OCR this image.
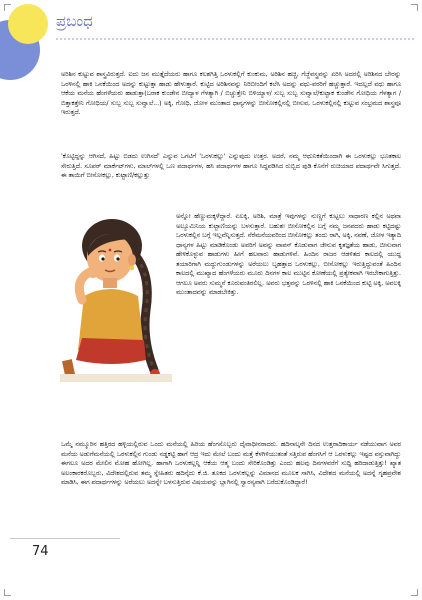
ಪ್ರಬಂಧ

ಅರಿಶಿನ ಕುಟ್ಟುವ ಶಾಸ್ತ್ರವಿರುತ್ತದೆ. ಐದು ಜನ ಮುತ್ತೈದೆಯರು ಹಾಗೂ ಕಲಶಗಿತ್ತಿ ಒರಳುಕಲ್ಲಿಗೆ ಕುಂಕುಮ, ಅರಿಶಿನ ಹಚ್ಚಿ, ಗೆಜ್ಜೆವಸ್ತ್ರವನ್ನು ಏರಿಸಿ ಅದರಲ್ಲಿ ಅರಿಶಿನದ ಬೇರನ್ನು ಒರಳಿನಲ್ಲಿ ಹಾಕಿ ಒನಕೆಯಿಂದ ಅದನ್ನು ಕುಟ್ಟುತ್ತಾ ಹಾಡು ಹೇಳುತ್ತಾರೆ. ಕುಟ್ಟಿದ ಅರಿಶಿನವನ್ನು ನಿರಿಬೀಂದಿಗೆ ಕಲೆಸಿ ಅದನ್ನು ವಧು-ವರರಿಗೆ ಹಚ್ಚುತ್ತಾರೆ. ಇದಲ್ಲದೆ ವಧು ಹಾಗೂ ಆಕೆಯ ಮನೆಯ ಹೆಂಗಳೆಯರು ಹಾಡುತ್ತಾ(ಬರಾಕ ಕುಂಡೇನ ಬೀದ್ಯಾಳ ಗೆಳತ್ಯಾಗಿ / ಬಿಚ್ಚುತ್ತೇನಿ ಬಿಳಿಯ್ಯಾಳ/ ಸುಬ್ಬ ಸುಬ್ಬ ಸುವ್ವಾಲೆ/ಕುಟ್ಟಾಕ ಕುಂಡೇನ ಗೋಧಿಯ ಗೆಳತ್ಯಾಗ / ಬಿತ್ತಾಕತ್ತೇನಿ ಗೋಧಿಯ/ ಸುಬ್ಬ ಸುಬ್ಬ ಸುವ್ವಾಲೆ...) ಅಕ್ಕಿ, ಗೋಧಿ, ಜೋಳ ಮುಂತಾದ ಧಾನ್ಯಗಳನ್ನು ಬೀಸೋಕಲ್ಲಿನಲ್ಲಿ ಬೀಸುವ, ಒರಳುಕಲ್ಲಿನಲ್ಲಿ ಕುಟ್ಟುವ ಸಂಭ್ರಮದ ಶಾಸ್ತ್ರವೂ ಇರುತ್ತದೆ.

'ಕೊಟ್ಟಿದ್ದನ್ನು ಆಗಿಸದೆ, ಹಿಟ್ಟು ಬಿಡದು ಉಗಿಸದೆ' ಎನ್ನುವ ಒಗಟಿಗೆ 'ಒರಳುಕಲ್ಲು' ಎನ್ನುವುದು ಉತ್ತರ. ಅದರೆ, ನಮ್ಮ ಆಧುನಿಕತೆಯಿಂದಾಗಿ ಈ ಒರಳುಕಲ್ಲು ಭೂತಕಾಲ ಸೇರುತ್ತಿದೆ. ಸೂಪರ್ ಮಾರ್ಕೆಟ್‌ಗಳು, ಮಾಲ್‌ಗಳಲ್ಲಿ ಒಣ ಪದಾರ್ಥಗಳ, ಹಸಿ ಪದಾರ್ಥಗಳ ಹಾಗೂ ಸಿದ್ಧಪಡಿಸಿದ ರುಬ್ಬಿದ ಪುಡಿ ಕೊನೆಗೆ ರುಚಿಯಾದ ಪದಾರ್ಥವೇ ಸಿಗುತ್ತದೆ. ಈ ತಾಯಿಗೆ ಬೀಸೋಕಲ್ಲು, ಕುಟ್ಟಾಣಿ/ಕಲ್ಲುತ್ತು

ಅನ್ನೋ ಹೆಣ್ಣುಮಕ್ಕಳೆದ್ದಾರೆ. ಏಲಕ್ಕಿ, ಅರಿಶಿ, ಮಾತ್ರೆ ಇವುಗಳನ್ನು ನುಣ್ಣಗೆ ಕುಟ್ಟಲು ಸಾಧಾರಣ ಕಲ್ಲಿನ ಅಥವಾ ಅಲ್ಯೂಮಿನಿಯ ಕುಟ್ಟಾಣಿಯನ್ನು ಬಳಸುತ್ತಾರೆ. ಬಹುಶಃ ಬೀಸೋಕಲ್ಲಿನ ಬಗ್ಗೆ ನಮ್ಮ ಜನಪದರು ಹಾಡು ಕಟ್ಟಿದಷ್ಟು ಒರಳುಕಲ್ಲಿನ ಬಗ್ಗೆ ಇಲ್ಲವೆನ್ನಿಸುತ್ತದೆ. ನೆರೆಮನೆಯವರಿಂದ ಬೀಸೋಕಲ್ಲು ತಂದು ರಾಗಿ, ಅಕ್ಕಿ, ನವಣೆ, ಜೋಳ ಇತ್ಯಾದಿ ಧಾನ್ಯಗಳ ಹಿಟ್ಟು ಮಾಡಿಕೊಂಡು ಅವರಿಗೆ ಅವನ್ನು ವಾಪಸ್ ಕೊಡುವಾಗ ಜೇನುವ ಕೃತಜ್ಞತೆಯ ಹಾಡು, ಬೀಸುವಾಗ ಹೇಳಿಕೊಳ್ಳುವ ಹಾಡುಗಳು ಹೀಗೆ ಹಲವಾರು ಹಾಡುಗಳಿವೆ. ಹಿಂದಿನ ರಾಜರ ಆಡಳಿತದ ಕಾಲದಲ್ಲಿ ಯುದ್ಧ ತಯಾರಿಗಾಗಿ ಮದ್ದುಗುಂಡುಗಳನ್ನು ಅರೆಯಲು ಬೃಹತ್ತಾದ ಒರಳುಕಲ್ಲು, ಬೀಸೋಕಲ್ಲು ಇರುತ್ತಿದ್ದುವಂತೆ ಹಿಂದಿನ ಕಾಲದಲ್ಲಿ ಮುಖ್ಯಾದ ಹೆಂಗಳೆಯರು ಮೂರು ದಿನಗಳ ಕಾಲ ಮುಟ್ಟಿನ ಕೋಣೆಯಲ್ಲಿ ಪ್ರತ್ಯೇಕವಾಗಿ ಇರಬೇಕಾಗುತ್ತಿತ್ತು. ಆಗಲೂ ಅವರು ಸುಮ್ಮನೆ ಕೂರುವಂತಿರಲಿಲ್ಲ. ಅವರು ಭತ್ತವನ್ನು ಒರಳಿನಲ್ಲಿ ಹಾಕಿ ಒನಕೆಯಿಂದ ಕುಟ್ಟಿ ಅಕ್ಕಿ, ಅವಲಕ್ಕಿ ಮುಂತಾದವನ್ನು ಮಾಡಬೇಕಿತ್ತು.

ಒಮ್ಮೆ ನಮ್ಮೂರಿನ ಹತ್ತಿರದ ಹಳ್ಳಿಯಲ್ಲಿರುವ ಒಂದು ಮನೆಯಲ್ಲಿ ಹಿರಿಯ ಹೆಂಗಸೊಬ್ಬರು ದೈವಾಧೀನರಾದರು. ಹದಿನಾಲ್ಕನೇ ದಿನದ ಉತ್ತರಾದಿಕಾರ್ಯ ನಡೆಯುವಾಗ ಅವರ ಮನೆಯ ಅಡುಗೆಮನೆಯಲ್ಲಿ ಒರಳುಕಲ್ಲಿನ ಗುಂಡು ನಡ್ಡಕಟ್ಟಿ ಹಾಗೆ ಆದ್ರ ಇದು ಮೇಲೆ ಬಂದು ಮತ್ತೆ ಕೆಳಗಿಳಿಯುತಂತೆ ಸತ್ತಿರುವ ಹೆಂಗಸಿಗೆ ಆ ಒರಳುಕಲ್ಲು ಇಷ್ಟದ ವಸ್ತುವಾಗಿದ್ದು ಈಗಲೂ ಅದರ ಮೇಲಿನ ಮೋಹ ಹೋಗಿಲ್ಲ. ಹಾಗಾಗಿ ಒರಳುಕಲ್ಲನ್ನಿ ಆಕೆಯ ಆತ್ಮ ಬಂದು ಸೇರಿಕೊಂಡಿತ್ತು ಎಂದು ಹಲವು ದಿನಗಳವರೆಗೆ ಸುದ್ದಿ ಹರಿದಾಡುತ್ತಿತ್ತು! ಖ್ಯಾತ ಅಲಂಕಾರಕರೊಬ್ಬರು, ವಿದೇಶದಲ್ಲಿರುವ ತಮ್ಮ ಸ್ನೇಹಿತರು ಹದಿನೈದು ಕೆ.ಜಿ. ತೂಕದ ಒರಳುಕಲ್ಲನ್ನು ವಿಮಾನದ ಮೂಲಕ ಸಾಗಿಸಿ, ವಿದೇಶದ ಮನೆಯಲ್ಲಿ ಅದನ್ನೆ ಗೃಹಪ್ರವೇಶ ಮಾಡಿಸಿ, ಈಗ ಪದಾರ್ಥಗಳನ್ನು ಅರೆಯಲು ಅದನ್ನೇ ಬಳಸುತ್ತಿರುವ ವಿಷಯವನ್ನು ಬ್ಲಾಗಿನಲ್ಲಿ ಸ್ವಾರಸ್ಯವಾಗಿ ಬರೆದುಕೊಂಡಿದ್ದಾರೆ!

74
